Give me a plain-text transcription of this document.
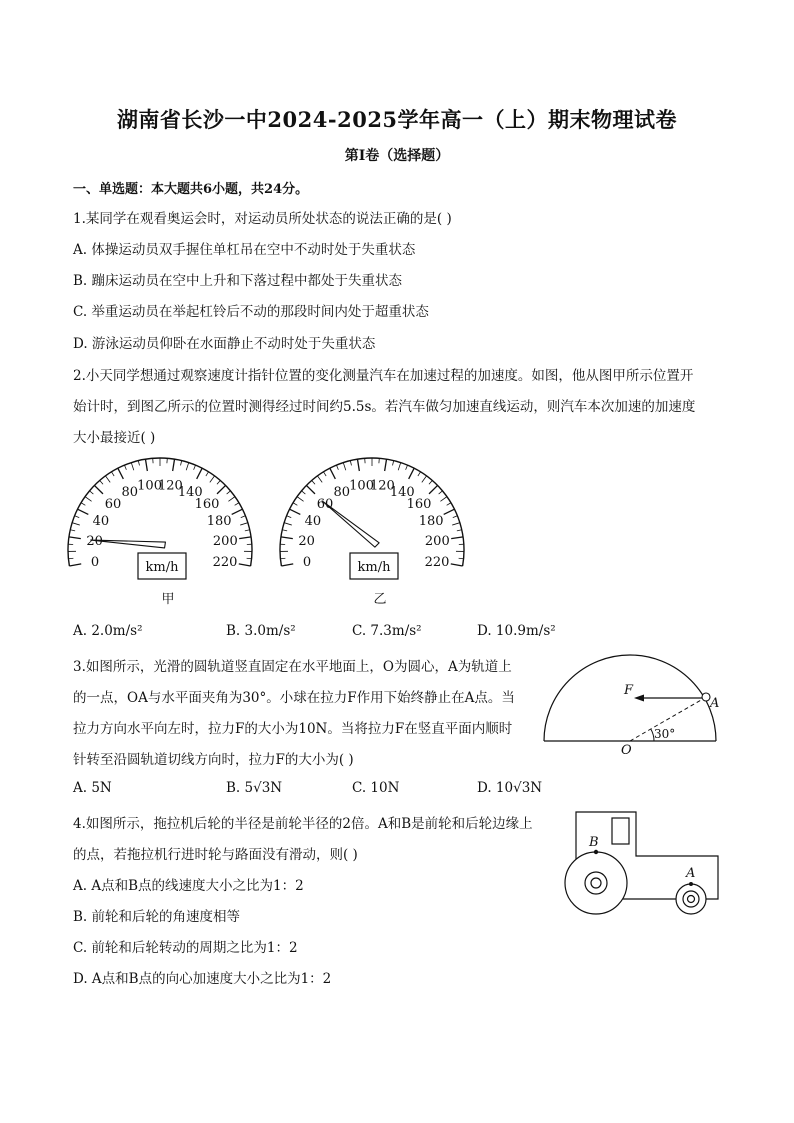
湖南省长沙一中2024-2025学年高一（上）期末物理试卷
第I卷（选择题）
一、单选题：本大题共6小题，共24分。
1.某同学在观看奥运会时，对运动员所处状态的说法正确的是( )
A. 体操运动员双手握住单杠吊在空中不动时处于失重状态
B. 蹦床运动员在空中上升和下落过程中都处于失重状态
C. 举重运动员在举起杠铃后不动的那段时间内处于超重状态
D. 游泳运动员仰卧在水面静止不动时处于失重状态
2.小天同学想通过观察速度计指针位置的变化测量汽车在加速过程的加速度。如图，他从图甲所示位置开
始计时，到图乙所示的位置时测得经过时间约5.5s。若汽车做匀加速直线运动，则汽车本次加速的加速度
大小最接近( )
0
20
40
60
80 100
120
140
160
180
200
220
km/h
甲
0
20
40
60
80 100
120
140
160
180
200
220
km/h
乙
A. 2.0m/s²	B. 3.0m/s²	C. 7.3m/s²	D. 10.9m/s²
3.如图所示，光滑的圆轨道竖直固定在水平地面上，O为圆心，A为轨道上
的一点，OA与水平面夹角为30°。小球在拉力F作用下始终静止在A点。当
拉力方向水平向左时，拉力F的大小为10N。当将拉力F在竖直平面内顺时
针转至沿圆轨道切线方向时，拉力F的大小为( )
F
A
O
30°
A. 5N	B. 5√3N	C. 10N	D. 10√3N
4.如图所示，拖拉机后轮的半径是前轮半径的2倍。A和B是前轮和后轮边缘上
的点，若拖拉机行进时轮与路面没有滑动，则( )
A. A点和B点的线速度大小之比为1：2
B. 前轮和后轮的角速度相等
C. 前轮和后轮转动的周期之比为1：2
D. A点和B点的向心加速度大小之比为1：2
B
A
